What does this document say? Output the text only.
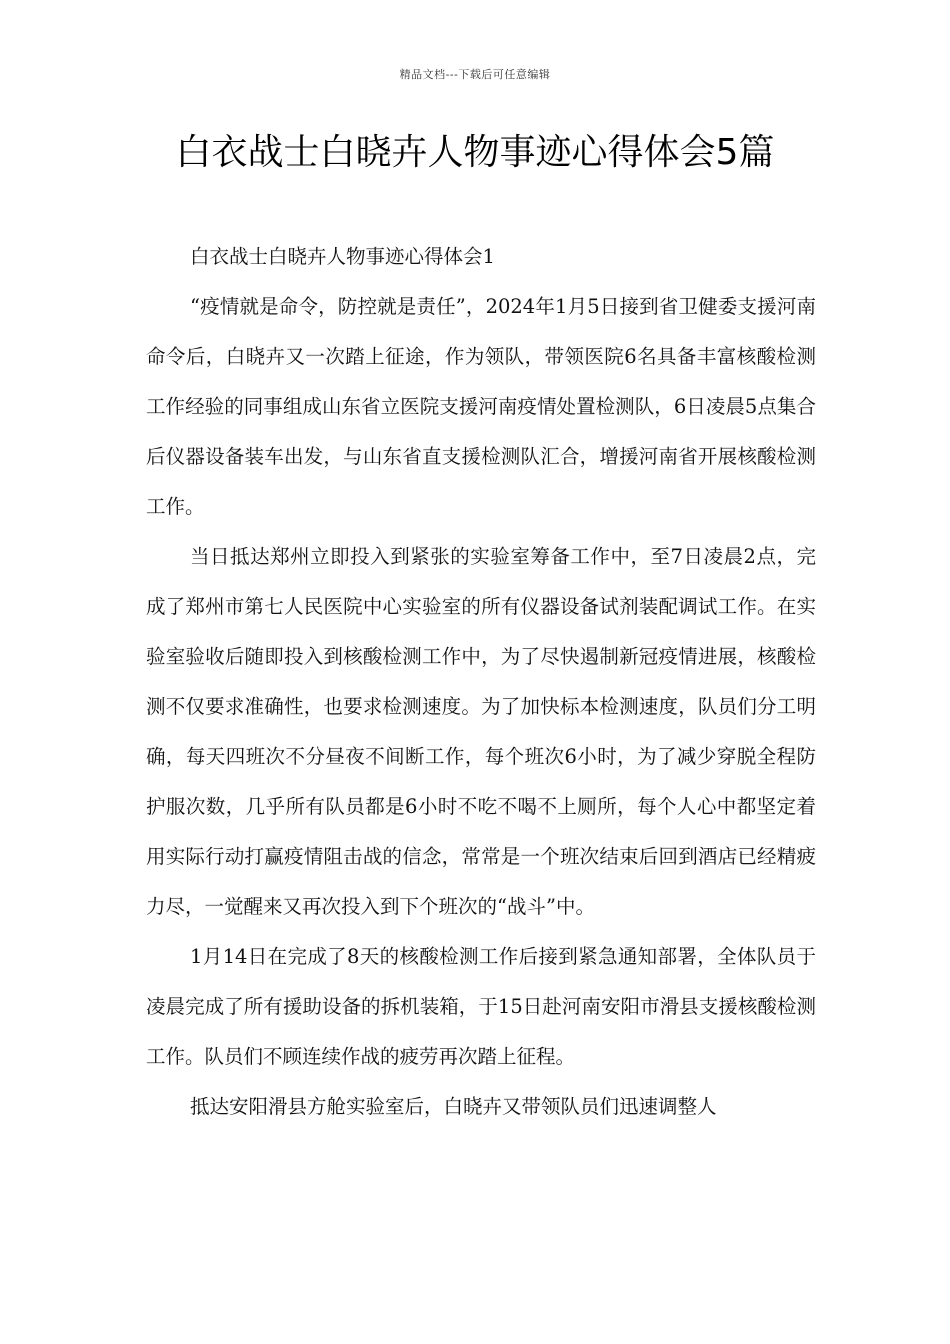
精品文档---下载后可任意编辑
白衣战士白晓卉人物事迹心得体会5篇

白衣战士白晓卉人物事迹心得体会1

“疫情就是命令，防控就是责任”，2024年1月5日接到省卫健委支援河南命令后，白晓卉又一次踏上征途，作为领队，带领医院6名具备丰富核酸检测工作经验的同事组成山东省立医院支援河南疫情处置检测队，6日凌晨5点集合后仪器设备装车出发，与山东省直支援检测队汇合，增援河南省开展核酸检测工作。

当日抵达郑州立即投入到紧张的实验室筹备工作中，至7日凌晨2点，完成了郑州市第七人民医院中心实验室的所有仪器设备试剂装配调试工作。在实验室验收后随即投入到核酸检测工作中，为了尽快遏制新冠疫情进展，核酸检测不仅要求准确性，也要求检测速度。为了加快标本检测速度，队员们分工明确，每天四班次不分昼夜不间断工作，每个班次6小时，为了减少穿脱全程防护服次数，几乎所有队员都是6小时不吃不喝不上厕所，每个人心中都坚定着用实际行动打赢疫情阻击战的信念，常常是一个班次结束后回到酒店已经精疲力尽，一觉醒来又再次投入到下个班次的“战斗”中。

1月14日在完成了8天的核酸检测工作后接到紧急通知部署，全体队员于凌晨完成了所有援助设备的拆机装箱，于15日赴河南安阳市滑县支援核酸检测工作。队员们不顾连续作战的疲劳再次踏上征程。

抵达安阳滑县方舱实验室后，白晓卉又带领队员们迅速调整人
